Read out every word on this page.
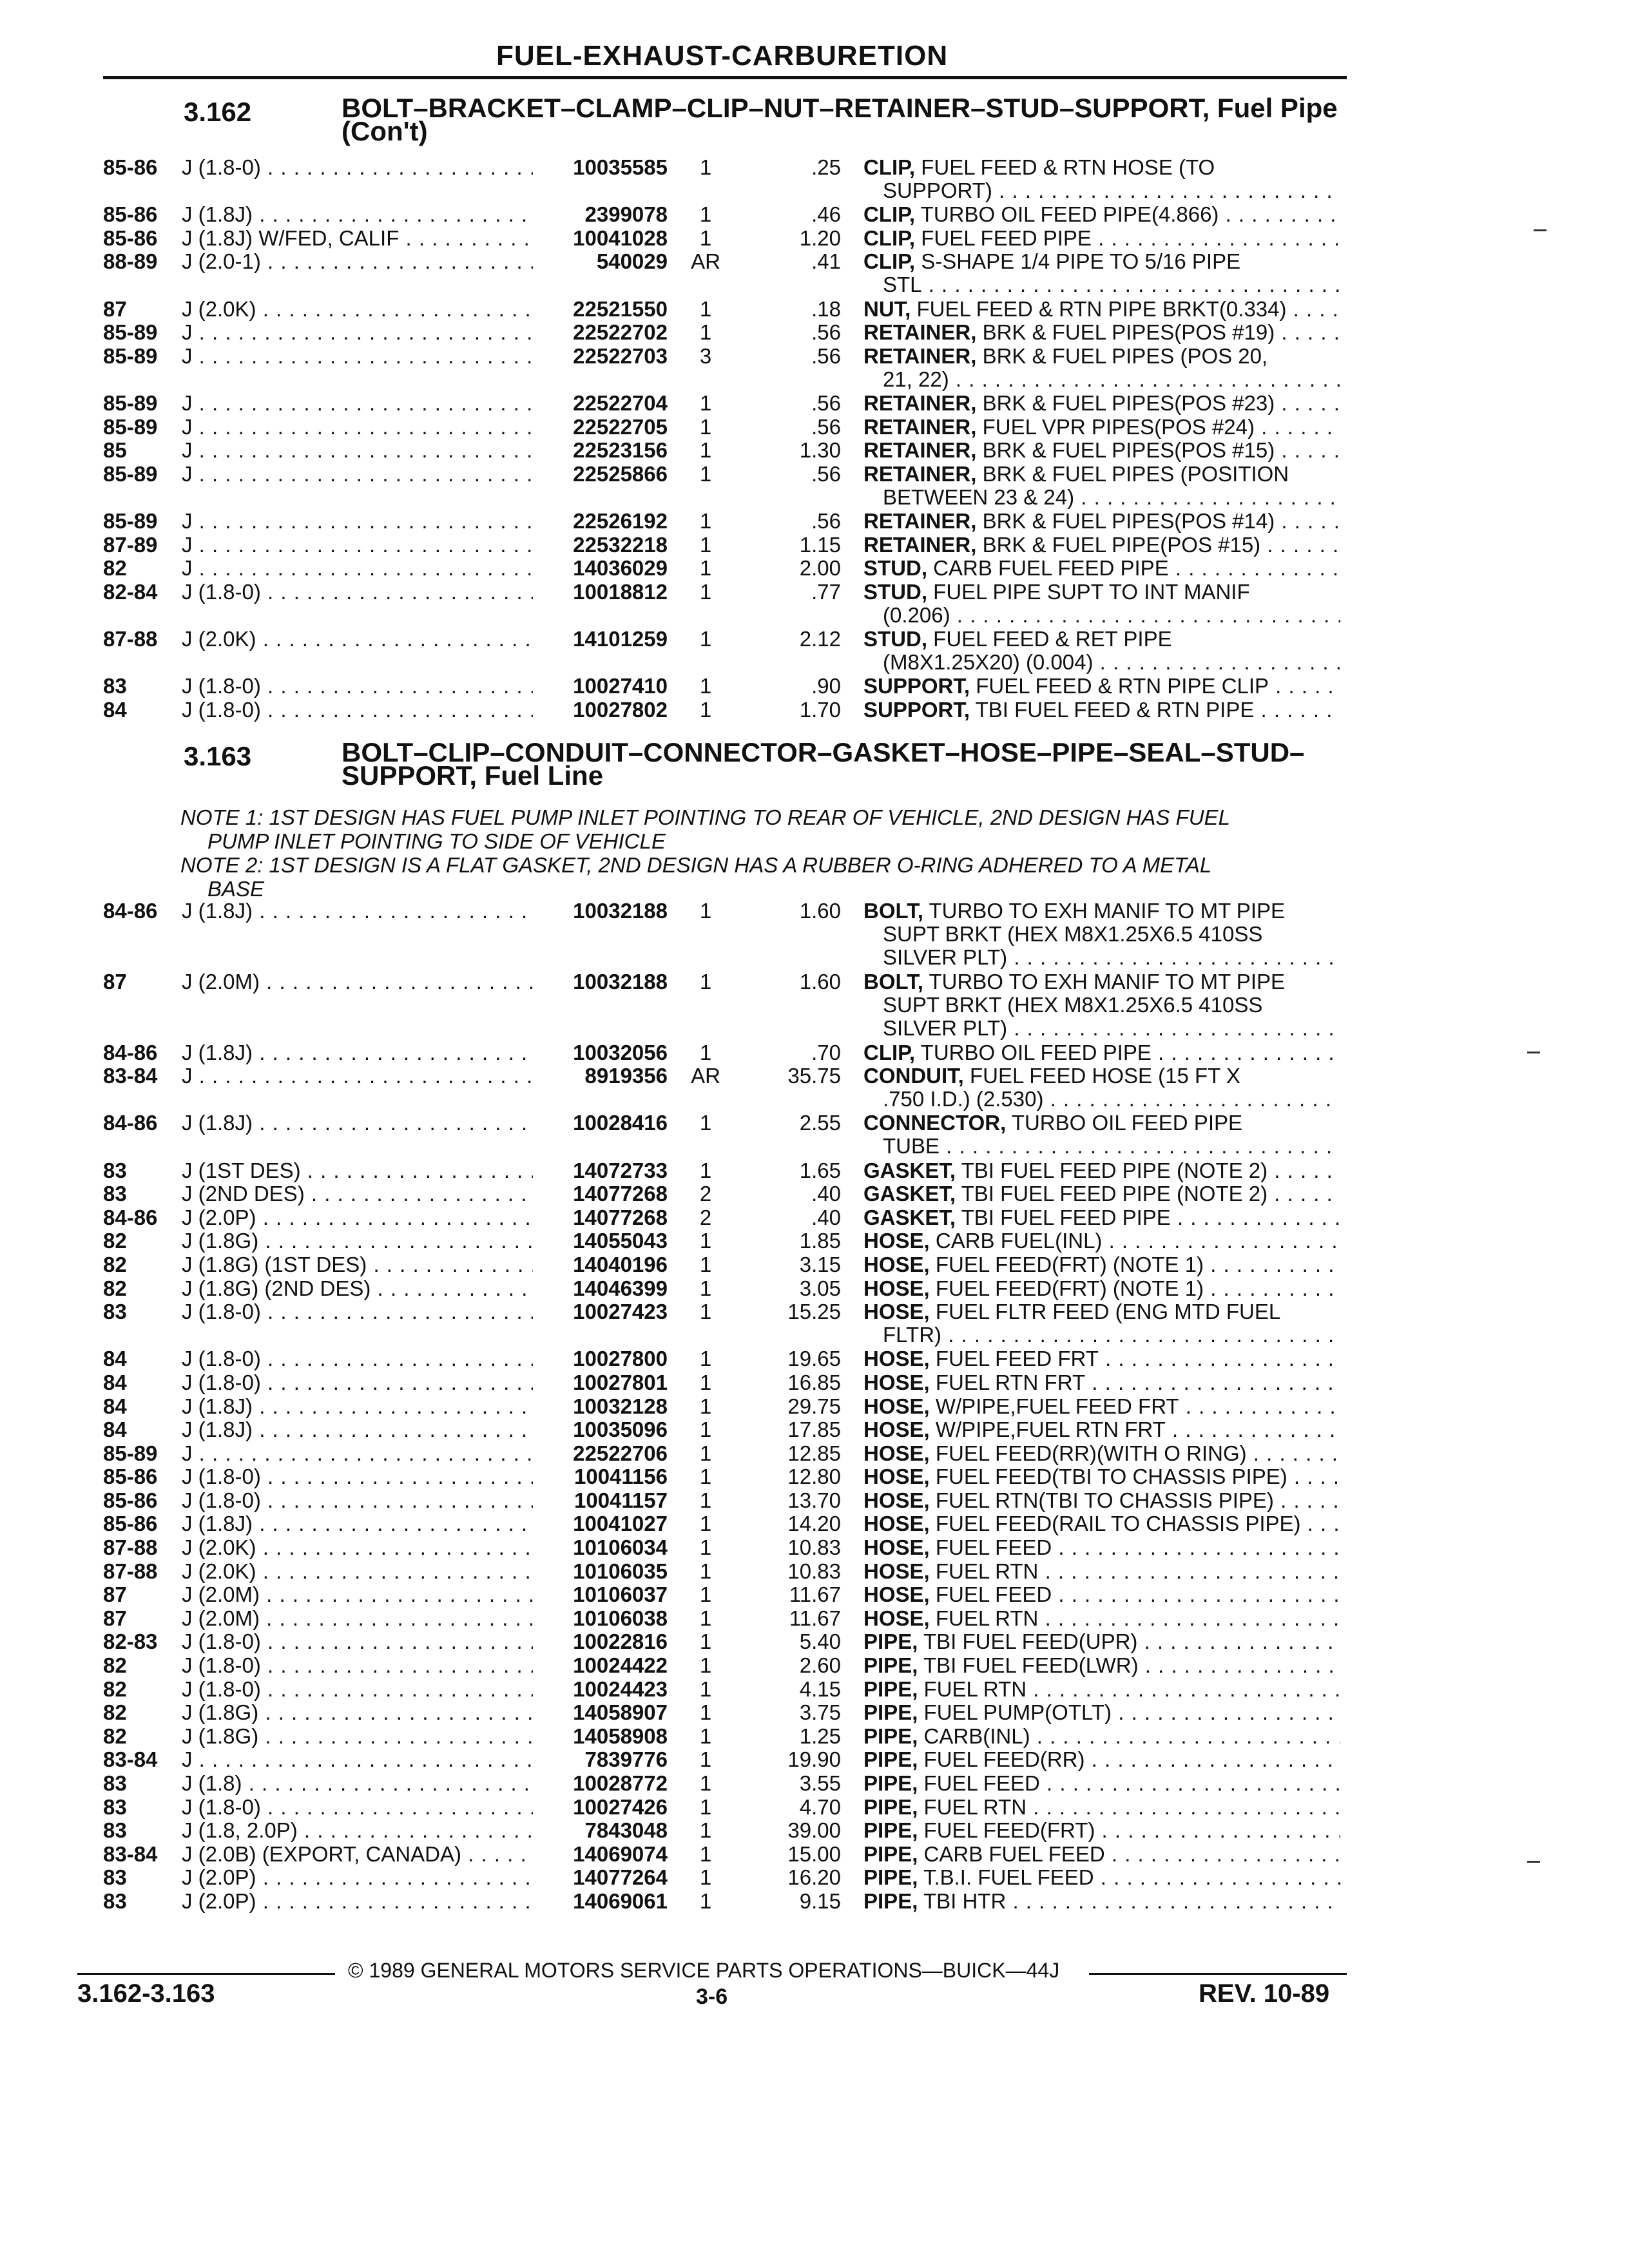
FUEL-EXHAUST-CARBURETION
3.162	BOLT–BRACKET–CLAMP–CLIP–NUT–RETAINER–STUD–SUPPORT, Fuel Pipe (Con't)
85-86	J (1.8-0) . . .	10035585	1	.25 CLIP, FUEL FEED & RTN HOSE (TO
SUPPORT) . . .
85-86	J (1.8J) . . .	2399078	1	.46 CLIP, TURBO OIL FEED PIPE(4.866) . . .
85-86	J (1.8J) W/FED, CALIF . . .	10041028	1	1.20 CLIP, FUEL FEED PIPE . . .
88-89	J (2.0-1) . . .	540029	AR	.41 CLIP, S-SHAPE 1/4 PIPE TO 5/16 PIPE
STL . . .
87	J (2.0K) . . .	22521550	1	.18 NUT, FUEL FEED & RTN PIPE BRKT(0.334) . . .
85-89	J . . .	22522702	1	.56 RETAINER, BRK & FUEL PIPES(POS #19) . . .
85-89	J . . .	22522703	3	.56 RETAINER, BRK & FUEL PIPES (POS 20,
21, 22) . . .
85-89	J . . .	22522704	1	.56 RETAINER, BRK & FUEL PIPES(POS #23) . . .
85-89	J . . .	22522705	1	.56 RETAINER, FUEL VPR PIPES(POS #24) . . .
85	J . . .	22523156	1	1.30 RETAINER, BRK & FUEL PIPES(POS #15) . . .
85-89	J . . .	22525866	1	.56 RETAINER, BRK & FUEL PIPES (POSITION
BETWEEN 23 & 24) . . .
85-89	J . . .	22526192	1	.56 RETAINER, BRK & FUEL PIPES(POS #14) . . .
87-89	J . . .	22532218	1	1.15 RETAINER, BRK & FUEL PIPE(POS #15) . . .
82	J . . .	14036029	1	2.00 STUD, CARB FUEL FEED PIPE . . .
82-84	J (1.8-0) . . .	10018812	1	.77 STUD, FUEL PIPE SUPT TO INT MANIF
(0.206) . . .
87-88	J (2.0K) . . .	14101259	1	2.12 STUD, FUEL FEED & RET PIPE
(M8X1.25X20) (0.004) . . .
83	J (1.8-0) . . .	10027410	1	.90 SUPPORT, FUEL FEED & RTN PIPE CLIP . . .
84	J (1.8-0) . . .	10027802	1	1.70 SUPPORT, TBI FUEL FEED & RTN PIPE . . .
3.163	BOLT–CLIP–CONDUIT–CONNECTOR–GASKET–HOSE–PIPE–SEAL–STUD–SUPPORT, Fuel Line
NOTE 1: 1ST DESIGN HAS FUEL PUMP INLET POINTING TO REAR OF VEHICLE, 2ND DESIGN HAS FUEL
PUMP INLET POINTING TO SIDE OF VEHICLE
NOTE 2: 1ST DESIGN IS A FLAT GASKET, 2ND DESIGN HAS A RUBBER O-RING ADHERED TO A METAL
BASE
84-86	J (1.8J) . . .	10032188	1	1.60 BOLT, TURBO TO EXH MANIF TO MT PIPE
SUPT BRKT (HEX M8X1.25X6.5 410SS
SILVER PLT) . . .
87	J (2.0M) . . .	10032188	1	1.60 BOLT, TURBO TO EXH MANIF TO MT PIPE
SUPT BRKT (HEX M8X1.25X6.5 410SS
SILVER PLT) . . .
84-86	J (1.8J) . . .	10032056	1	.70 CLIP, TURBO OIL FEED PIPE . . .
83-84	J . . .	8919356	AR	35.75 CONDUIT, FUEL FEED HOSE (15 FT X
.750 I.D.) (2.530) . . .
84-86	J (1.8J) . . .	10028416	1	2.55 CONNECTOR, TURBO OIL FEED PIPE
TUBE . . .
83	J (1ST DES) . . .	14072733	1	1.65 GASKET, TBI FUEL FEED PIPE (NOTE 2) . . .
83	J (2ND DES) . . .	14077268	2	.40 GASKET, TBI FUEL FEED PIPE (NOTE 2) . . .
84-86	J (2.0P) . . .	14077268	2	.40 GASKET, TBI FUEL FEED PIPE . . .
82	J (1.8G) . . .	14055043	1	1.85 HOSE, CARB FUEL(INL) . . .
82	J (1.8G) (1ST DES) . . .	14040196	1	3.15 HOSE, FUEL FEED(FRT) (NOTE 1) . . .
82	J (1.8G) (2ND DES) . . .	14046399	1	3.05 HOSE, FUEL FEED(FRT) (NOTE 1) . . .
83	J (1.8-0) . . .	10027423	1	15.25 HOSE, FUEL FLTR FEED (ENG MTD FUEL
FLTR) . . .
84	J (1.8-0) . . .	10027800	1	19.65 HOSE, FUEL FEED FRT . . .
84	J (1.8-0) . . .	10027801	1	16.85 HOSE, FUEL RTN FRT . . .
84	J (1.8J) . . .	10032128	1	29.75 HOSE, W/PIPE,FUEL FEED FRT . . .
84	J (1.8J) . . .	10035096	1	17.85 HOSE, W/PIPE,FUEL RTN FRT . . .
85-89	J . . .	22522706	1	12.85 HOSE, FUEL FEED(RR)(WITH O RING) . . .
85-86	J (1.8-0) . . .	10041156	1	12.80 HOSE, FUEL FEED(TBI TO CHASSIS PIPE) . . .
85-86	J (1.8-0) . . .	10041157	1	13.70 HOSE, FUEL RTN(TBI TO CHASSIS PIPE) . . .
85-86	J (1.8J) . . .	10041027	1	14.20 HOSE, FUEL FEED(RAIL TO CHASSIS PIPE) . . .
87-88	J (2.0K) . . .	10106034	1	10.83 HOSE, FUEL FEED . . .
87-88	J (2.0K) . . .	10106035	1	10.83 HOSE, FUEL RTN . . .
87	J (2.0M) . . .	10106037	1	11.67 HOSE, FUEL FEED . . .
87	J (2.0M) . . .	10106038	1	11.67 HOSE, FUEL RTN . . .
82-83	J (1.8-0) . . .	10022816	1	5.40 PIPE, TBI FUEL FEED(UPR) . . .
82	J (1.8-0) . . .	10024422	1	2.60 PIPE, TBI FUEL FEED(LWR) . . .
82	J (1.8-0) . . .	10024423	1	4.15 PIPE, FUEL RTN . . .
82	J (1.8G) . . .	14058907	1	3.75 PIPE, FUEL PUMP(OTLT) . . .
82	J (1.8G) . . .	14058908	1	1.25 PIPE, CARB(INL) . . .
83-84	J . . .	7839776	1	19.90 PIPE, FUEL FEED(RR) . . .
83	J (1.8) . . .	10028772	1	3.55 PIPE, FUEL FEED . . .
83	J (1.8-0) . . .	10027426	1	4.70 PIPE, FUEL RTN . . .
83	J (1.8, 2.0P) . . .	7843048	1	39.00 PIPE, FUEL FEED(FRT) . . .
83-84	J (2.0B) (EXPORT, CANADA) . . .	14069074	1	15.00 PIPE, CARB FUEL FEED . . .
83	J (2.0P) . . .	14077264	1	16.20 PIPE, T.B.I. FUEL FEED . . .
83	J (2.0P) . . .	14069061	1	9.15 PIPE, TBI HTR . . .
© 1989 GENERAL MOTORS SERVICE PARTS OPERATIONS—BUICK—44J
3.162-3.163	3-6	REV. 10-89
